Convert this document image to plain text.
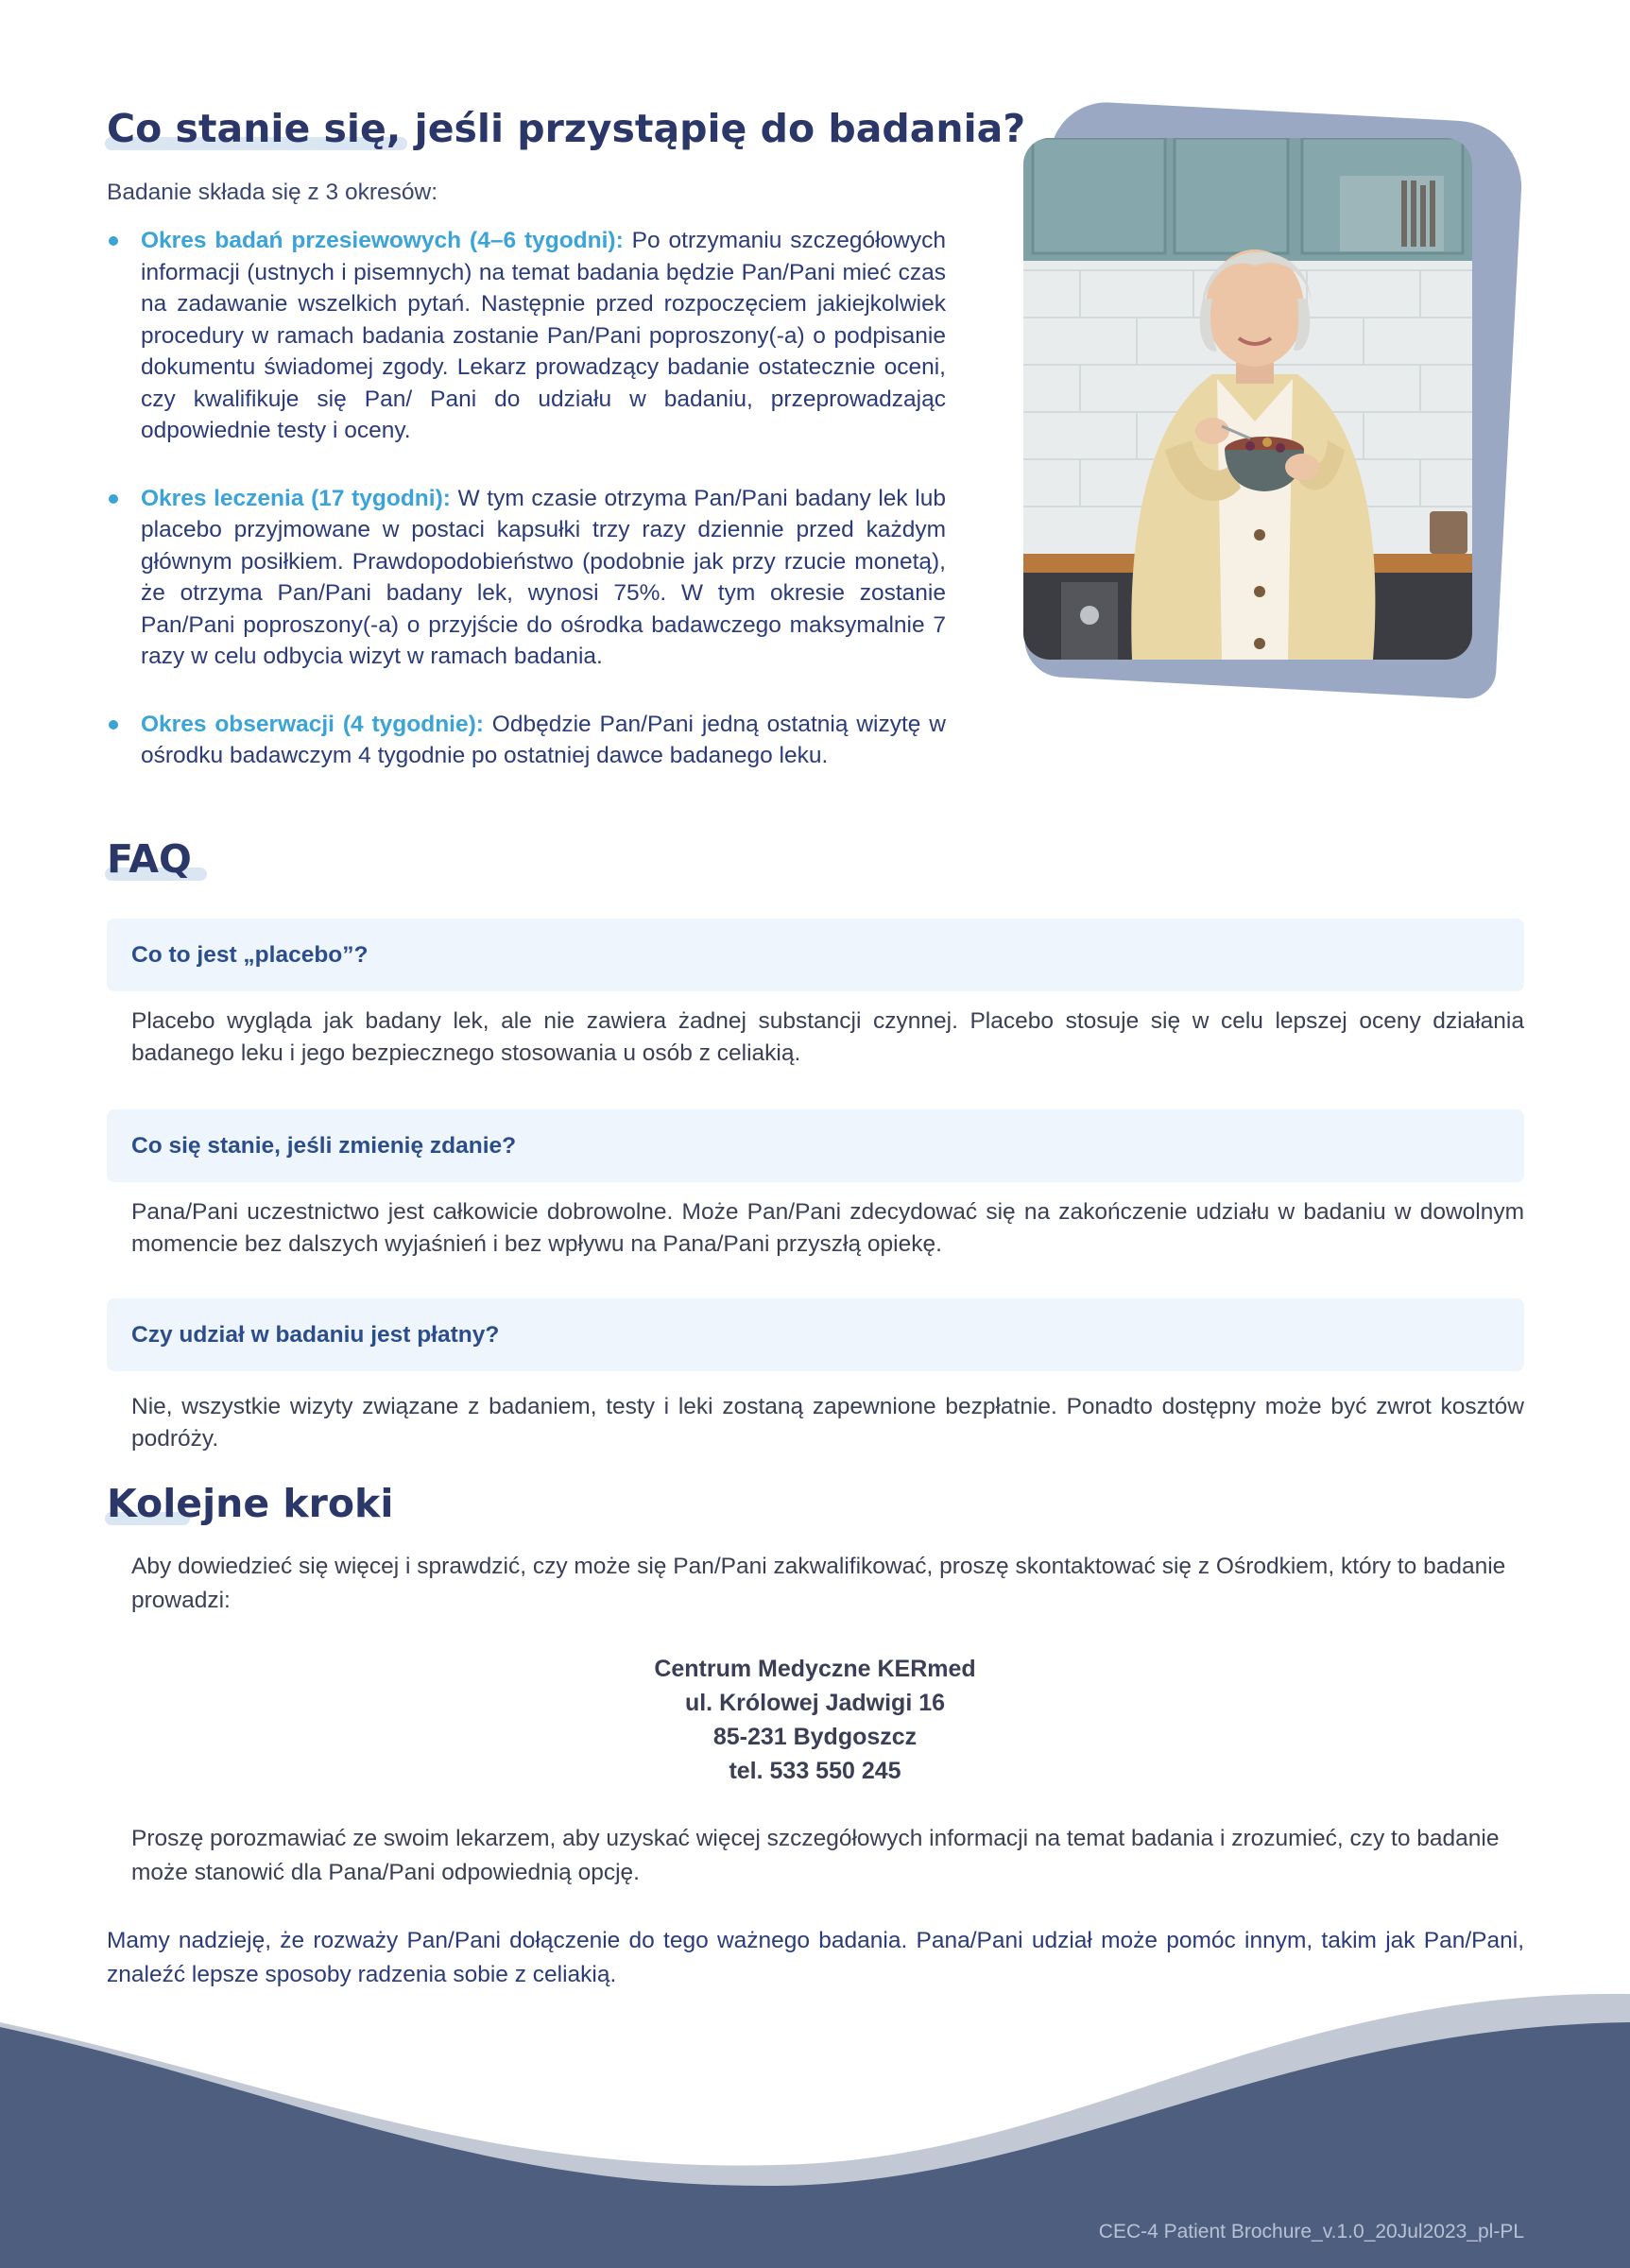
Co stanie się, jeśli przystąpię do badania?
Badanie składa się z 3 okresów:
Okres badań przesiewowych (4–6 tygodni): Po otrzymaniu szczegółowych informacji (ustnych i pisemnych) na temat badania będzie Pan/Pani mieć czas na zadawanie wszelkich pytań. Następnie przed rozpoczęciem jakiejkolwiek procedury w ramach badania zostanie Pan/Pani poproszony(-a) o podpisanie dokumentu świadomej zgody. Lekarz prowadzący badanie ostatecznie oceni, czy kwalifikuje się Pan/ Pani do udziału w badaniu, przeprowadzając odpowiednie testy i oceny.
Okres leczenia (17 tygodni): W tym czasie otrzyma Pan/Pani badany lek lub placebo przyjmowane w postaci kapsułki trzy razy dziennie przed każdym głównym posiłkiem. Prawdopodobieństwo (podobnie jak przy rzucie monetą), że otrzyma Pan/Pani badany lek, wynosi 75%. W tym okresie zostanie Pan/Pani poproszony(-a) o przyjście do ośrodka badawczego maksymalnie 7 razy w celu odbycia wizyt w ramach badania.
Okres obserwacji (4 tygodnie): Odbędzie Pan/Pani jedną ostatnią wizytę w ośrodku badawczym 4 tygodnie po ostatniej dawce badanego leku.
FAQ
Co to jest „placebo”?
Placebo wygląda jak badany lek, ale nie zawiera żadnej substancji czynnej. Placebo stosuje się w celu lepszej oceny działania badanego leku i jego bezpiecznego stosowania u osób z celiakią.
Co się stanie, jeśli zmienię zdanie?
Pana/Pani uczestnictwo jest całkowicie dobrowolne. Może Pan/Pani zdecydować się na zakończenie udziału w badaniu w dowolnym momencie bez dalszych wyjaśnień i bez wpływu na Pana/Pani przyszłą opiekę.
Czy udział w badaniu jest płatny?
Nie, wszystkie wizyty związane z badaniem, testy i leki zostaną zapewnione bezpłatnie. Ponadto dostępny może być zwrot kosztów podróży.
Kolejne kroki
Aby dowiedzieć się więcej i sprawdzić, czy może się Pan/Pani zakwalifikować, proszę skontaktować się z Ośrodkiem, który to badanie prowadzi:
Centrum Medyczne KERmed
ul. Królowej Jadwigi 16
85-231 Bydgoszcz
tel. 533 550 245
Proszę porozmawiać ze swoim lekarzem, aby uzyskać więcej szczegółowych informacji na temat badania i zrozumieć, czy to badanie może stanowić dla Pana/Pani odpowiednią opcję.
Mamy nadzieję, że rozważy Pan/Pani dołączenie do tego ważnego badania. Pana/Pani udział może pomóc innym, takim jak Pan/Pani, znaleźć lepsze sposoby radzenia sobie z celiakią.
CEC-4 Patient Brochure_v.1.0_20Jul2023_pl-PL
